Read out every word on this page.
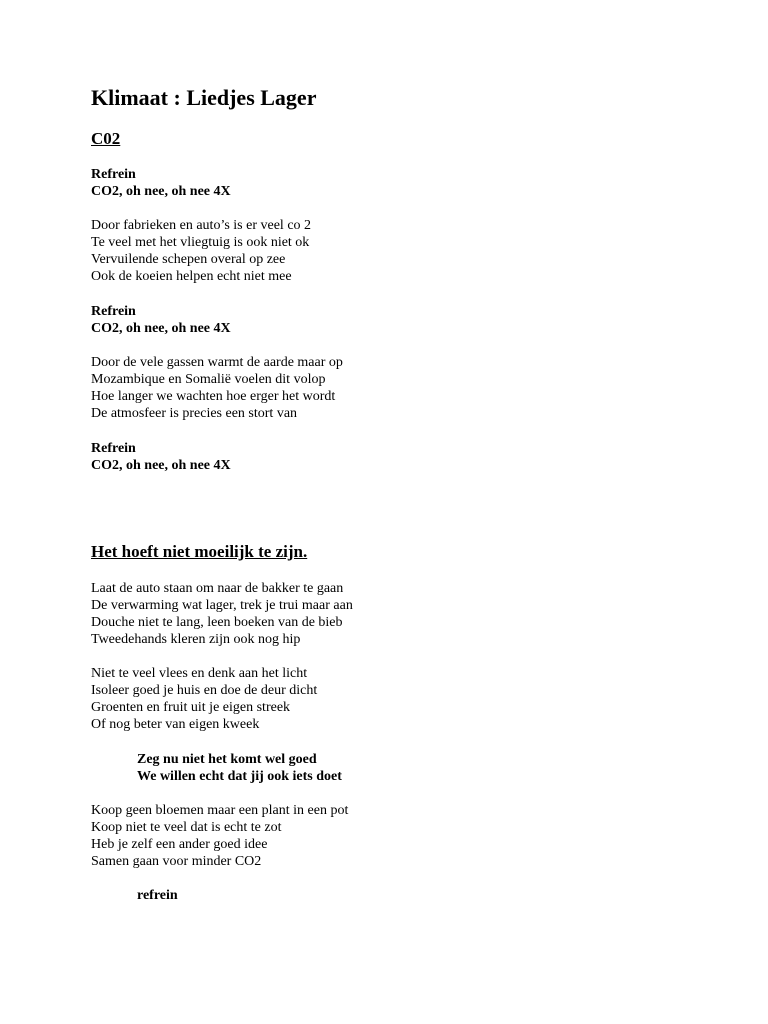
Klimaat : Liedjes Lager
C02
Refrein
CO2, oh nee, oh nee 4X
Door fabrieken en auto’s is er veel co 2
Te veel met het vliegtuig is ook niet ok
Vervuilende schepen overal op zee
Ook de koeien helpen echt niet mee
Refrein
CO2, oh nee, oh nee 4X
Door de vele gassen warmt de aarde maar op
Mozambique en Somalië voelen dit volop
Hoe langer we wachten hoe erger het wordt
De atmosfeer is precies een stort van
Refrein
CO2, oh nee, oh nee 4X
Het hoeft niet moeilijk te zijn.
Laat de auto staan om naar de bakker te gaan
De verwarming wat lager, trek je trui maar aan
Douche niet te lang, leen boeken van de bieb
Tweedehands kleren zijn ook nog hip
Niet te veel vlees en denk aan het licht
Isoleer goed je huis en doe de deur dicht
Groenten en fruit uit je eigen streek
Of nog beter van eigen kweek
Zeg nu niet het komt wel goed
We willen echt dat jij ook iets doet
Koop geen bloemen maar een plant in een pot
Koop niet te veel dat is echt te zot
Heb je zelf een ander goed idee
Samen gaan voor minder CO2
refrein
